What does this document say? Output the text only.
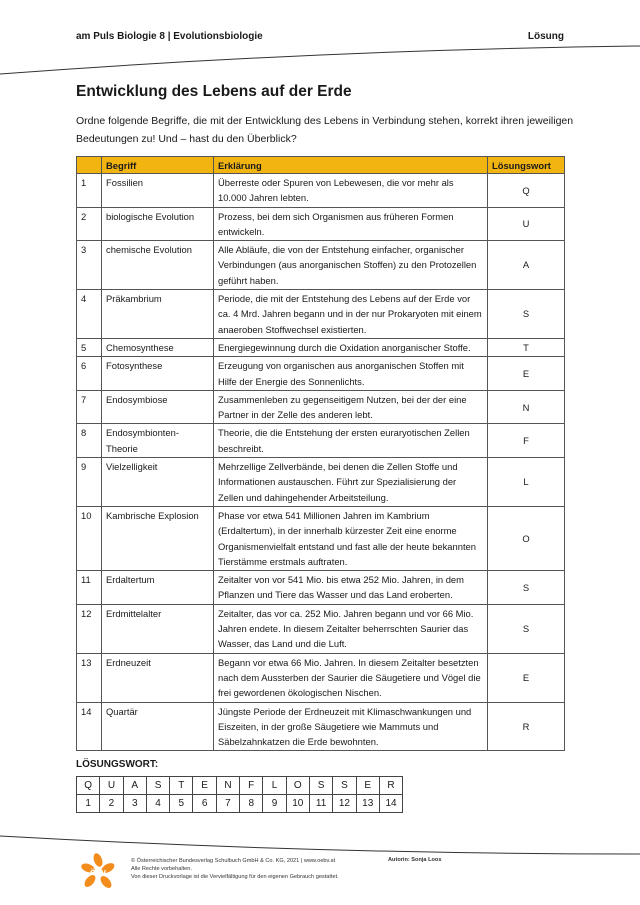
am Puls Biologie 8 | Evolutionsbiologie	Lösung
Entwicklung des Lebens auf der Erde

Ordne folgende Begriffe, die mit der Entwicklung des Lebens in Verbindung stehen, korrekt ihren jeweiligen Bedeutungen zu! Und – hast du den Überblick?

	Begriff	Erklärung	Lösungswort
1	Fossilien	Überreste oder Spuren von Lebewesen, die vor mehr als 10.000 Jahren lebten.	Q
2	biologische Evolution	Prozess, bei dem sich Organismen aus früheren Formen entwickeln.	U
3	chemische Evolution	Alle Abläufe, die von der Entstehung einfacher, organischer Verbindungen (aus anorganischen Stoffen) zu den Protozellen geführt haben.	A
4	Präkambrium	Periode, die mit der Entstehung des Lebens auf der Erde vor ca. 4 Mrd. Jahren begann und in der nur Prokaryoten mit einem anaeroben Stoffwechsel existierten.	S
5	Chemosynthese	Energiegewinnung durch die Oxidation anorganischer Stoffe.	T
6	Fotosynthese	Erzeugung von organischen aus anorganischen Stoffen mit Hilfe der Energie des Sonnenlichts.	E
7	Endosymbiose	Zusammenleben zu gegenseitigem Nutzen, bei der der eine Partner in der Zelle des anderen lebt.	N
8	Endosymbionten-Theorie	Theorie, die die Entstehung der ersten euraryotischen Zellen beschreibt.	F
9	Vielzelligkeit	Mehrzellige Zellverbände, bei denen die Zellen Stoffe und Informationen austauschen. Führt zur Spezialisierung der Zellen und dahingehender Arbeitsteilung.	L
10	Kambrische Explosion	Phase vor etwa 541 Millionen Jahren im Kambrium (Erdaltertum), in der innerhalb kürzester Zeit eine enorme Organismenvielfalt entstand und fast alle der heute bekannten Tierstämme erstmals auftraten.	O
11	Erdaltertum	Zeitalter von vor 541 Mio. bis etwa 252 Mio. Jahren, in dem Pflanzen und Tiere das Wasser und das Land eroberten.	S
12	Erdmittelalter	Zeitalter, das vor ca. 252 Mio. Jahren begann und vor 66 Mio. Jahren endete. In diesem Zeitalter beherrschten Saurier das Wasser, das Land und die Luft.	S
13	Erdneuzeit	Begann vor etwa 66 Mio. Jahren. In diesem Zeitalter besetzten nach dem Aussterben der Saurier die Säugetiere und Vögel die frei gewordenen ökologischen Nischen.	E
14	Quartär	Jüngste Periode der Erdneuzeit mit Klimaschwankungen und Eiszeiten, in der große Säugetiere wie Mammuts und Säbelzahnkatzen die Erde bewohnten.	R
LÖSUNGSWORT:
Q	U	A	S	T	E	N	F	L	O	S	S	E	R
1	2	3	4	5	6	7	8	9	10	11	12	13	14
öbv
© Österreichischer Bundesverlag Schulbuch GmbH & Co. KG, 2021 | www.oebv.at
Alle Rechte vorbehalten.
Von dieser Druckvorlage ist die Vervielfältigung für den eigenen Gebrauch gestattet.
Autorin: Sonja Loos
